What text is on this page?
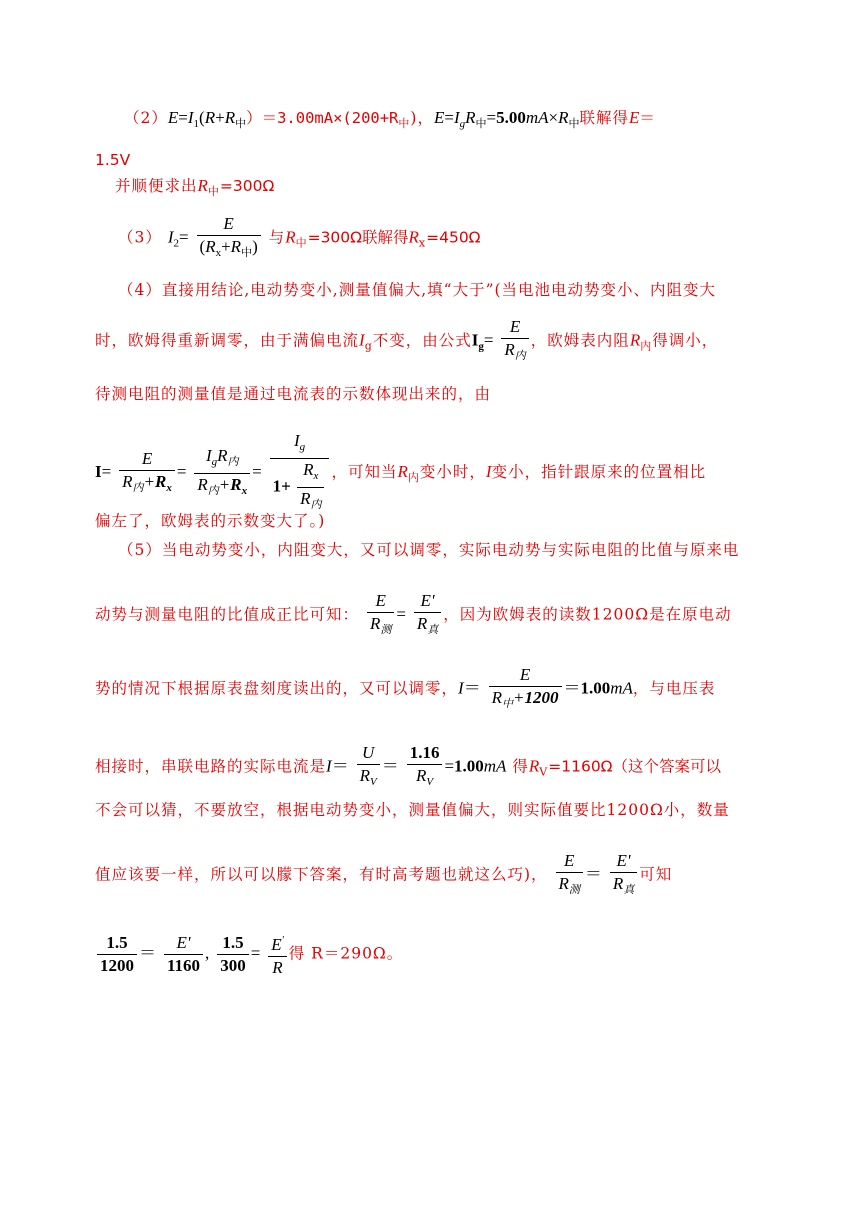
$(2)E=I_1(R+R_中)=3.00mA\times(200+R_中)$，$E=I_gR_中=5.00mA\times R_中$联解得E＝
1.5V
并顺便求出$R_中=300\Omega$
（3） $I_2= \frac{E}{(R_x+R_中)}$ 与$R_中=300\Omega$联解得$R_x=450\Omega$
（4）直接用结论,电动势变小,测量值偏大,填“大于”(当电池电动势变小、内阻变大
时，欧姆得重新调零，由于满偏电流$I_g$不变，由公式$I_g= \frac{E}{R_内}$ ，欧姆表内阻$R_内$得调小，
待测电阻的测量值是通过电流表的示数体现出来的，由
$I= \frac{E}{R_内+R_x} = \frac{I_gR_内}{R_内+R_x} = \frac{I_g}{1+ \frac{R_x}{R_内}}$ ，可知当$R_内$变小时，I变小，指针跟原来的位置相比
偏左了，欧姆表的示数变大了。)
（5）当电动势变小，内阻变大，又可以调零，实际电动势与实际电阻的比值与原来电
动势与测量电阻的比值成正比可知： $\frac{E}{R_测} = \frac{E'}{R_真}$ ，因为欧姆表的读数1200Ω是在原电动
势的情况下根据原表盘刻度读出的，又可以调零，$I= \frac{E}{R_中+1200} =1.00mA$，与电压表
相接时，串联电路的实际电流是$I= \frac{U}{R_V} = \frac{1.16}{R_V} =1.00mA$ 得$R_V=1160\Omega$（这个答案可以
不会可以猜，不要放空，根据电动势变小，测量值偏大，则实际值要比1200Ω小，数量
值应该要一样，所以可以朦下答案，有时高考题也就这么巧)， $\frac{E}{R_测} = \frac{E'}{R_真}$ 可知
$\frac{1.5}{1200} = \frac{E'}{1160}$ , $\frac{1.5}{300} = \frac{E'}{R}$ 得 R＝290Ω。
